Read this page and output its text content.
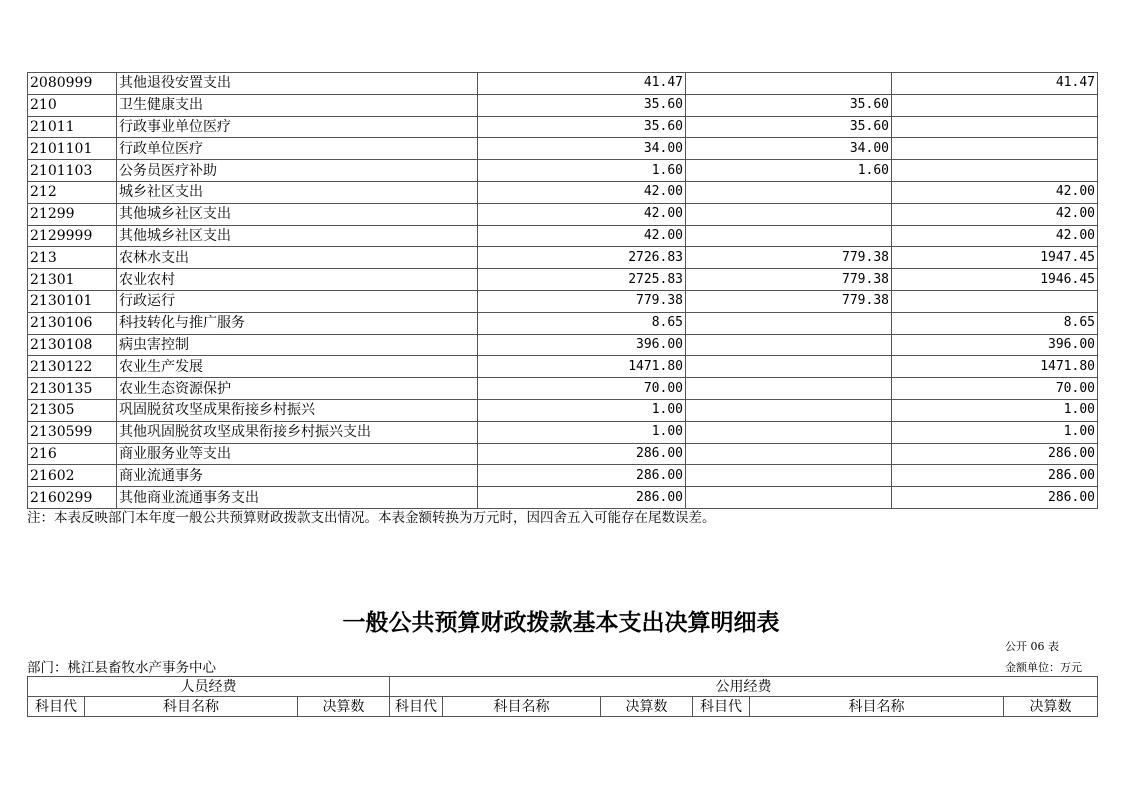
2080999	其他退役安置支出	41.47		41.47
210	卫生健康支出	35.60	35.60	
21011	行政事业单位医疗	35.60	35.60	
2101101	行政单位医疗	34.00	34.00	
2101103	公务员医疗补助	1.60	1.60	
212	城乡社区支出	42.00		42.00
21299	其他城乡社区支出	42.00		42.00
2129999	其他城乡社区支出	42.00		42.00
213	农林水支出	2726.83	779.38	1947.45
21301	农业农村	2725.83	779.38	1946.45
2130101	行政运行	779.38	779.38	
2130106	科技转化与推广服务	8.65		8.65
2130108	病虫害控制	396.00		396.00
2130122	农业生产发展	1471.80		1471.80
2130135	农业生态资源保护	70.00		70.00
21305	巩固脱贫攻坚成果衔接乡村振兴	1.00		1.00
2130599	其他巩固脱贫攻坚成果衔接乡村振兴支出	1.00		1.00
216	商业服务业等支出	286.00		286.00
21602	商业流通事务	286.00		286.00
2160299	其他商业流通事务支出	286.00		286.00
注：本表反映部门本年度一般公共预算财政拨款支出情况。本表金额转换为万元时，因四舍五入可能存在尾数误差。
一般公共预算财政拨款基本支出决算明细表
公开 06 表
部门：桃江县畜牧水产事务中心	金额单位：万元
人员经费			公用经费					
科目代	科目名称	决算数	科目代	科目名称	决算数	科目代	科目名称	决算数
